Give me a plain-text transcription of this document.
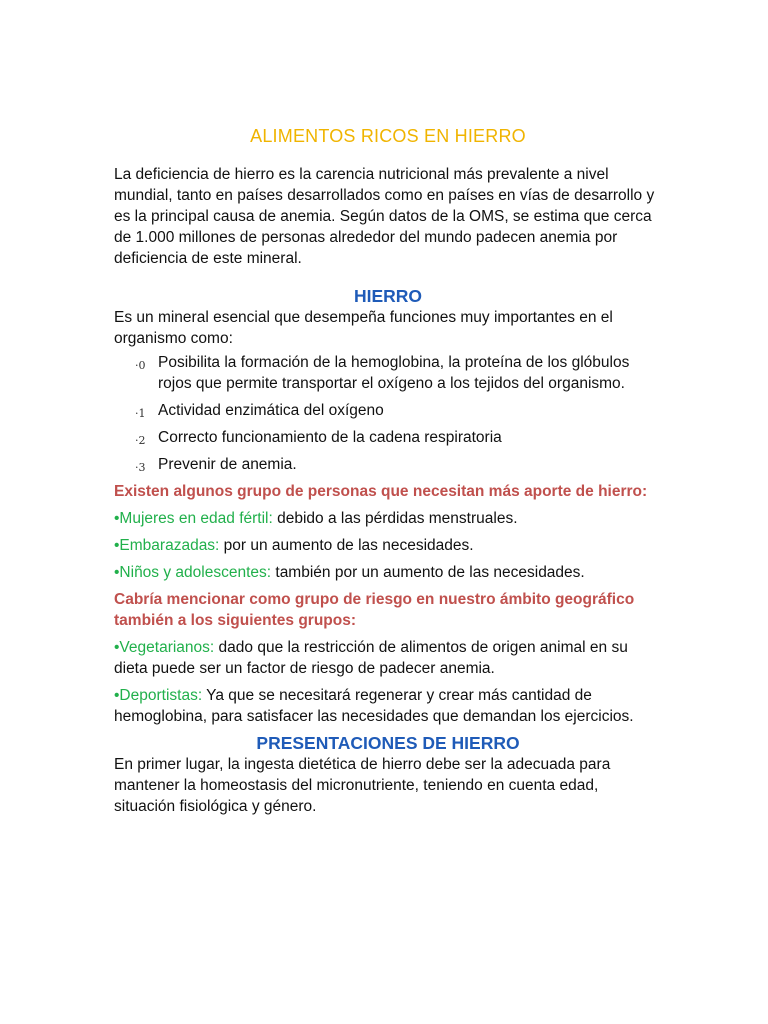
ALIMENTOS RICOS EN HIERRO

La deficiencia de hierro es la carencia nutricional más prevalente a nivel mundial, tanto en países desarrollados como en países en vías de desarrollo y es la principal causa de anemia. Según datos de la OMS, se estima que cerca de 1.000 millones de personas alrededor del mundo padecen anemia por deficiencia de este mineral.

HIERRO

Es un mineral esencial que desempeña funciones muy importantes en el organismo como:

·0 Posibilita la formación de la hemoglobina, la proteína de los glóbulos rojos que permite transportar el oxígeno a los tejidos del organismo.
·1 Actividad enzimática del oxígeno
·2 Correcto funcionamiento de la cadena respiratoria
·3 Prevenir de anemia.

Existen algunos grupo de personas que necesitan más aporte de hierro:

•Mujeres en edad fértil: debido a las pérdidas menstruales.

•Embarazadas: por un aumento de las necesidades.

•Niños y adolescentes: también por un aumento de las necesidades.

Cabría mencionar como grupo de riesgo en nuestro ámbito geográfico también a los siguientes grupos:

•Vegetarianos: dado que la restricción de alimentos de origen animal en su dieta puede ser un factor de riesgo de padecer anemia.

•Deportistas: Ya que se necesitará regenerar y crear más cantidad de hemoglobina, para satisfacer las necesidades que demandan los ejercicios.

PRESENTACIONES DE HIERRO

En primer lugar, la ingesta dietética de hierro debe ser la adecuada para mantener la homeostasis del micronutriente, teniendo en cuenta edad, situación fisiológica y género.
